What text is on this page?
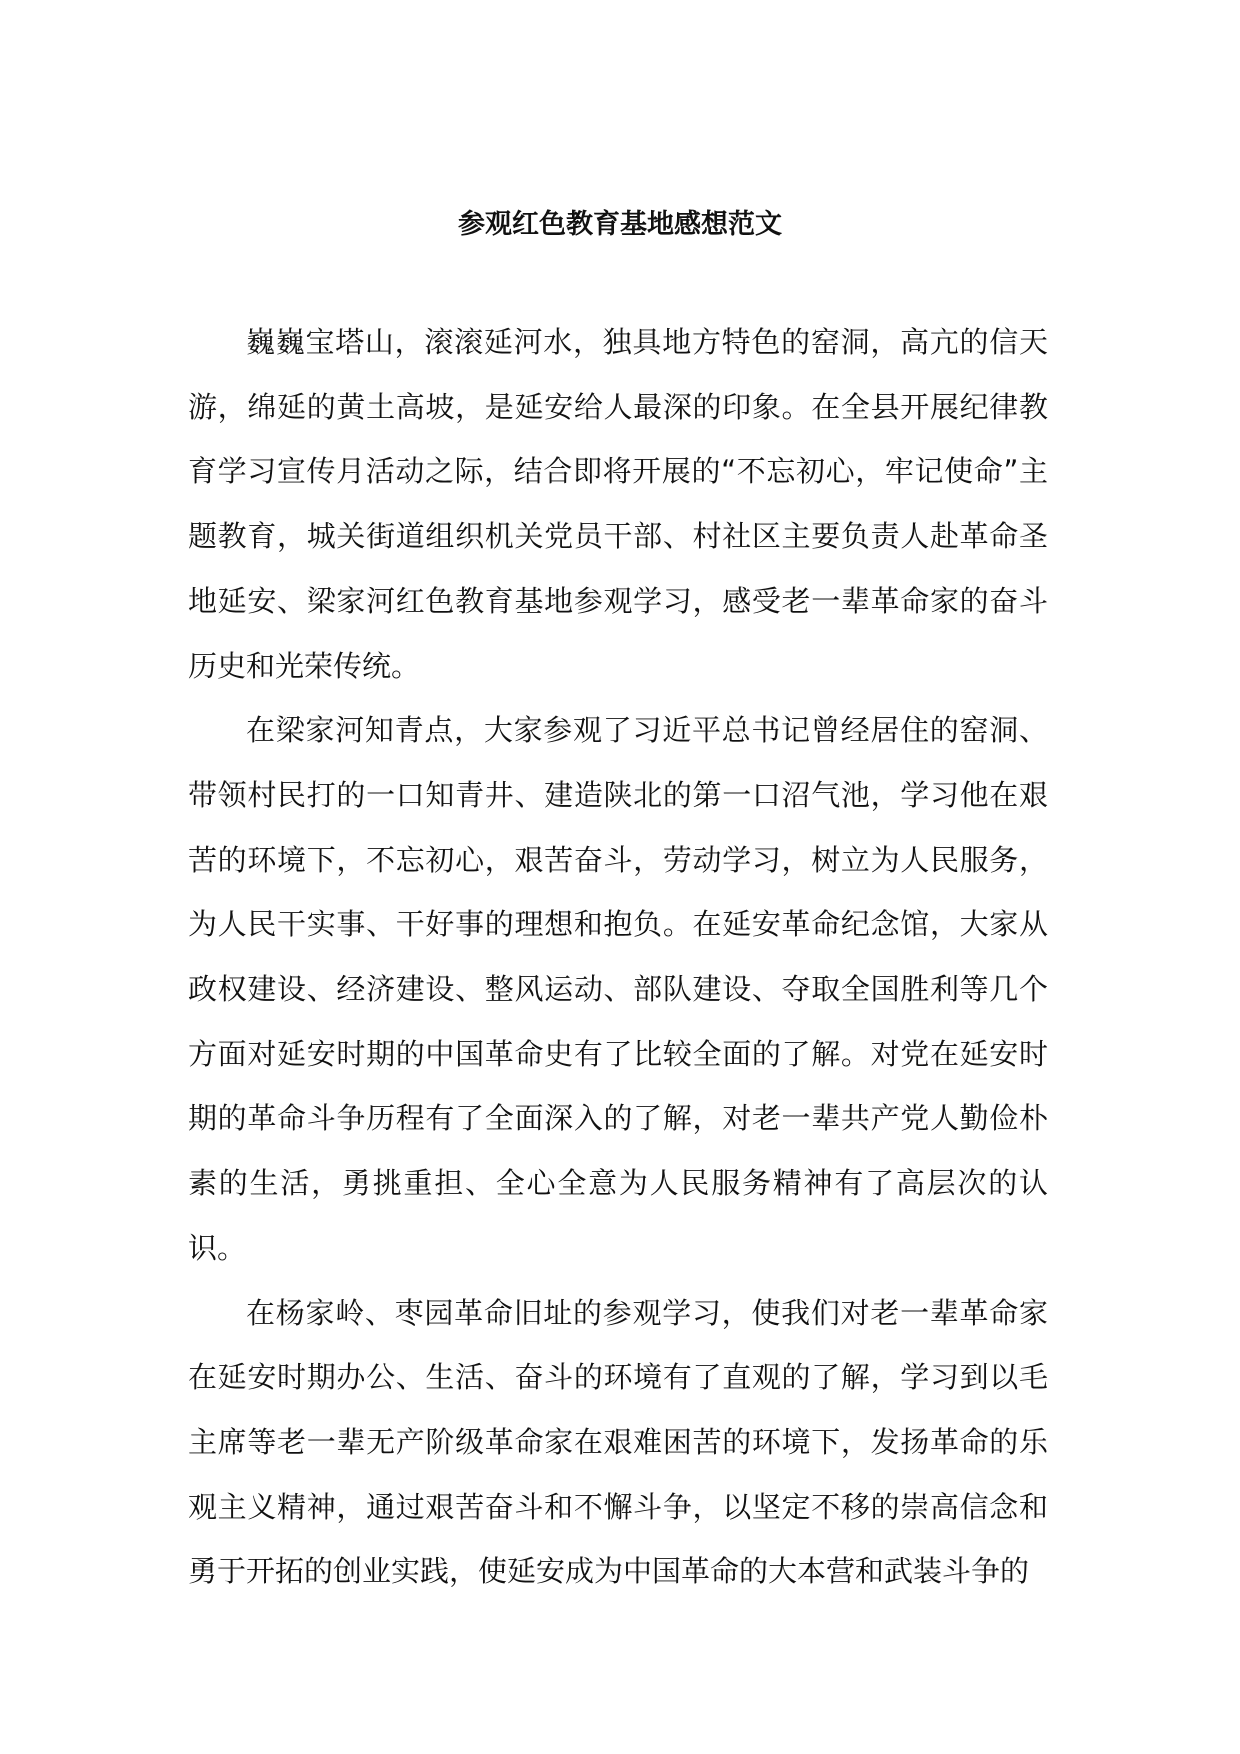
参观红色教育基地感想范文

巍巍宝塔山，滚滚延河水，独具地方特色的窑洞，高亢的信天游，绵延的黄土高坡，是延安给人最深的印象。在全县开展纪律教育学习宣传月活动之际，结合即将开展的“不忘初心，牢记使命”主题教育，城关街道组织机关党员干部、村社区主要负责人赴革命圣地延安、梁家河红色教育基地参观学习，感受老一辈革命家的奋斗历史和光荣传统。

在梁家河知青点，大家参观了习近平总书记曾经居住的窑洞、带领村民打的一口知青井、建造陕北的第一口沼气池，学习他在艰苦的环境下，不忘初心，艰苦奋斗，劳动学习，树立为人民服务，为人民干实事、干好事的理想和抱负。在延安革命纪念馆，大家从政权建设、经济建设、整风运动、部队建设、夺取全国胜利等几个方面对延安时期的中国革命史有了比较全面的了解。对党在延安时期的革命斗争历程有了全面深入的了解，对老一辈共产党人勤俭朴素的生活，勇挑重担、全心全意为人民服务精神有了高层次的认识。

在杨家岭、枣园革命旧址的参观学习，使我们对老一辈革命家在延安时期办公、生活、奋斗的环境有了直观的了解，学习到以毛主席等老一辈无产阶级革命家在艰难困苦的环境下，发扬革命的乐观主义精神，通过艰苦奋斗和不懈斗争，以坚定不移的崇高信念和勇于开拓的创业实践，使延安成为中国革命的大本营和武装斗争的
